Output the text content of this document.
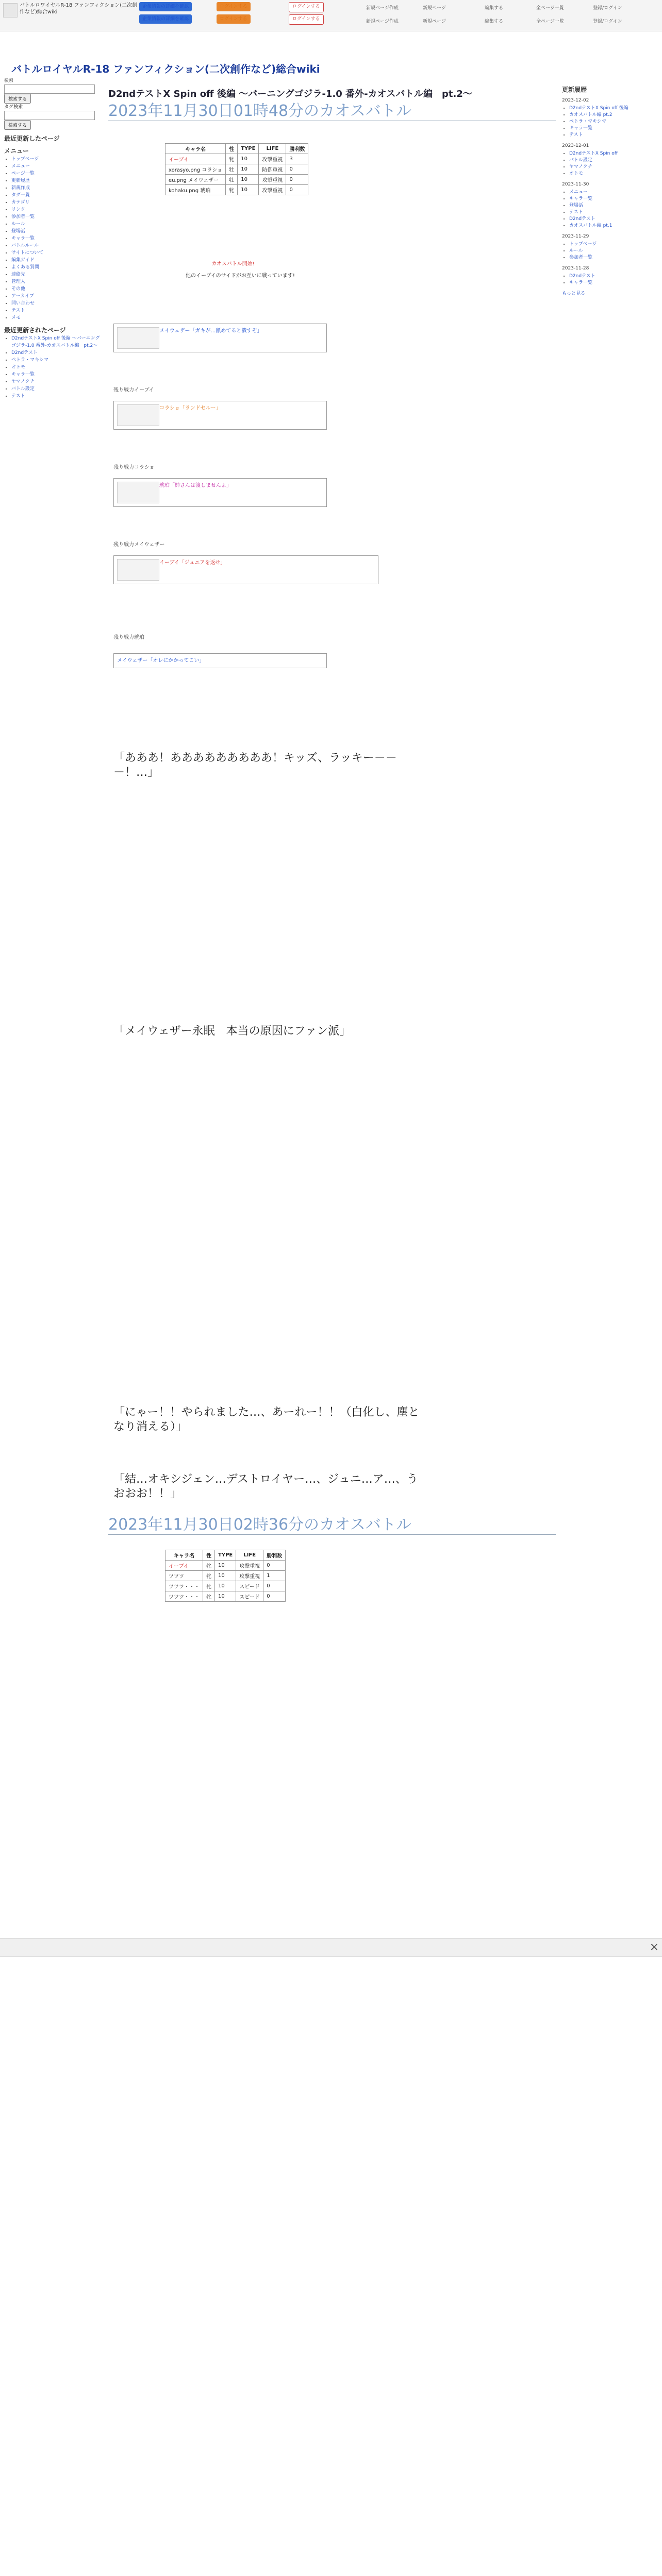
バトルロワイヤルR-18 ファンフィクション(二次創作など)総合wiki
企業情報の詳細を確認
企業情報の詳細を確認
ログインする
ログインする
ログインする
ログインする
新規ページ作成	新規ページ	編集する	全ページ一覧	登録/ログイン
新規ページ作成	新規ページ	編集する	全ページ一覧	登録/ログイン
バトルロイヤルR-18 ファンフィクション(二次創作など)総合wiki
検索
検索する
タグ検索
検索する
最近更新したページ
メニュー
• トップページ
• メニュー
• ページ一覧
• 更新履歴
• 新規作成
• タグ一覧
• カテゴリ
• リンク
• 参加者一覧
• ルール
• 登場話
• キャラ一覧
• バトルルール
• サイトについて
• 編集ガイド
• よくある質問
• 連絡先
• 管理人
• その他
• アーカイブ
• 問い合わせ
• テスト
• メモ
最近更新されたページ
• D2ndテストX Spin off 後編 〜バーニングゴジラ-1.0 番外-カオスバトル編　pt.2〜
• D2ndテスト
• ペトラ・マキシマ
• オトモ
• キャラ一覧
• ヤマノクチ
• バトル設定
• テスト
更新履歴
2023-12-02
• D2ndテストX Spin off 後編
• カオスバトル編 pt.2
• ペトラ・マキシマ
• キャラ一覧
• テスト
2023-12-01
• D2ndテストX Spin off
• バトル設定
• ヤマノクチ
• オトモ
2023-11-30
• メニュー
• キャラ一覧
• 登場話
• テスト
• D2ndテスト
• カオスバトル編 pt.1
2023-11-29
• トップページ
• ルール
• 参加者一覧
2023-11-28
• D2ndテスト
• キャラ一覧
もっと見る
D2ndテストX Spin off 後編 〜バーニングゴジラ-1.0 番外-カオスバトル編　pt.2〜
2023年11月30日01時48分のカオスバトル
キャラ名	性	TYPE	LIFE	勝利数
イーブイ	牝	10	攻撃重視	3
xorasyo.png コラショ	牡	10	防御重視	0
eu.png メイウェザー	牡	10	攻撃重視	0
kohaku.png 琥珀	牝	10	攻撃重視	0
カオスバトル開始!
他のイーブイのサイドがお互いに戦っています!
メイウェザー「ガキが…舐めてると潰すぞ」
残り戦力イーブイ
コラショ「ランドセルー」
残り戦力コラショ
琥珀「姉さんは渡しませんよ」
残り戦力メイウェザー
イーブイ「ジュニアを返せ」
残り戦力琥珀
メイウェザー「オレにかかってこい」
「あああ！あああああああああ！キッズ、ラッキー－－－！…」
「メイウェザー永眠　本当の原因にファン派」
「にゃー！！やられました…、あーれー！！（白化し、塵となり消える）」
「結…オキシジェン…デストロイヤー…、ジュニ…ア…、うおおお！！」
2023年11月30日02時36分のカオスバトル
キャラ名	性	TYPE	LIFE	勝利数
イーブイ	牝	10	攻撃重視	0
ツツツ	牝	10	攻撃重視	1
ツツツ・・・	牝	10	スピード	0
ツツツ・・・	牝	10	スピード	0
×
